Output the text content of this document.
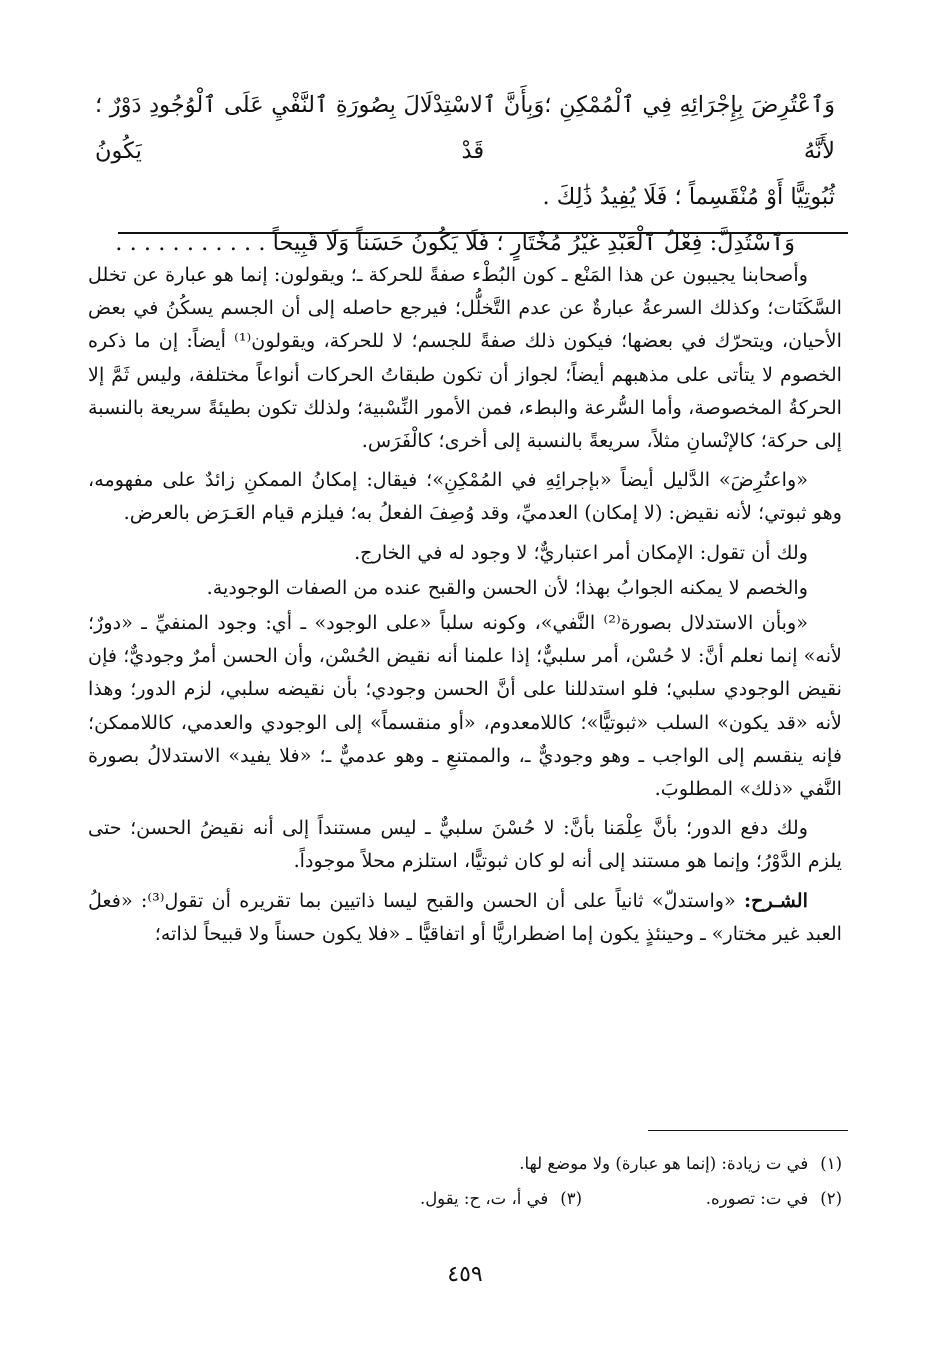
وَٱعْتُرِضَ بِإِجْرَائِهِ فِي ٱلْمُمْكِنِ ؛وَبِأَنَّ ٱلاسْتِدْلَالَ بِصُورَةِ ٱلنَّفْيِ عَلَى ٱلْوُجُودِ دَوْرٌ ؛ لأَنَّهُ قَدْ يَكُونُ

ثُبُوتِيًّا أَوْ مُنْقَسِماً ؛ فَلَا يُفِيدُ ذَٰلِكَ .

وَٱسْتُدِلَّ: فِعْلُ ٱلْعَبْدِ غَيْرُ مُخْتَارٍ ؛ فَلَا يَكُونُ حَسَناً وَلَا قَبِيحاً . . . . . . . . . . .

وأصحابنا يجيبون عن هذا المَنْع ـ كون البُطْء صفةً للحركة ـ؛ ويقولون: إنما هو عبارة عن تخلل السَّكَنَات؛ وكذلك السرعةُ عبارةٌ عن عدم التَّخلُّل؛ فيرجع حاصله إلى أن الجسم يسكُنُ في بعض الأحيان، ويتحرّك في بعضها؛ فيكون ذلك صفةً للجسم؛ لا للحركة، ويقولون⁽¹⁾ أيضاً: إن ما ذكره الخصوم لا يتأتى على مذهبهم أيضاً؛ لجواز أن تكون طبقاتُ الحركات أنواعاً مختلفة، وليس ثَمَّ إلا الحركةُ المخصوصة، وأما السُّرعة والبطء، فمن الأمور النِّسْبية؛ ولذلك تكون بطيئةً سريعة بالنسبة إلى حركة؛ كالإنْسانِ مثلاً، سريعةً بالنسبة إلى أخرى؛ كالْفَرَس.

«واعتُرِضَ» الدَّليل أيضاً «بإجرائِهِ في المُمْكِنِ»؛ فيقال: إمكانُ الممكنِ زائدٌ على مفهومه، وهو ثبوتي؛ لأنه نقيض: (لا إمكان) العدميِّ، وقد وُصِفَ الفعلُ به؛ فيلزم قيام العَـرَض بالعرض.

ولك أن تقول: الإمكان أمر اعتباريٌّ؛ لا وجود له في الخارج.

والخصم لا يمكنه الجوابُ بهذا؛ لأن الحسن والقبح عنده من الصفات الوجودية.

«وبأن الاستدلال بصورة⁽²⁾ النَّفي»، وكونه سلباً «على الوجود» ـ أي: وجود المنفيِّ ـ «دورٌ؛ لأنه» إنما نعلم أنَّ: لا حُسْن، أمر سلبيٌّ؛ إذا علمنا أنه نقيض الحُسْن، وأن الحسن أمرٌ وجوديٌّ؛ فإن نقيض الوجودي سلبي؛ فلو استدللنا على أنَّ الحسن وجودي؛ بأن نقيضه سلبي، لزم الدور؛ وهذا لأنه «قد يكون» السلب «ثبوتيًّا»؛ كاللامعدوم، «أو منقسماً» إلى الوجودي والعدمي، كاللاممكن؛ فإنه ينقسم إلى الواجب ـ وهو وجوديٌّ ـ، والممتنعِ ـ وهو عدميٌّ ـ؛ «فلا يفيد» الاستدلالُ بصورة النَّفي «ذلك» المطلوبَ.

ولك دفع الدور؛ بأنَّ عِلْمَنا بأنَّ: لا حُسْنَ سلبيٌّ ـ ليس مستنداً إلى أنه نقيضُ الحسن؛ حتى يلزم الدَّوْرُ؛ وإنما هو مستند إلى أنه لو كان ثبوتيًّا، استلزم محلاً موجوداً.

الشـرح: «واستدلّ» ثانياً على أن الحسن والقبح ليسا ذاتيين بما تقريره أن تقول⁽³⁾: «فعلُ العبد غير مختار» ـ وحينئذٍ يكون إما اضطراريًّا أو اتفاقيًّا ـ «فلا يكون حسناً ولا قبيحاً لذاته؛

(١)في ت زيادة: (إنما هو عبارة) ولا موضع لها.
(٢)في ت: تصوره.
(٣)في أ، ت، ح: يقول.
٤٥٩
